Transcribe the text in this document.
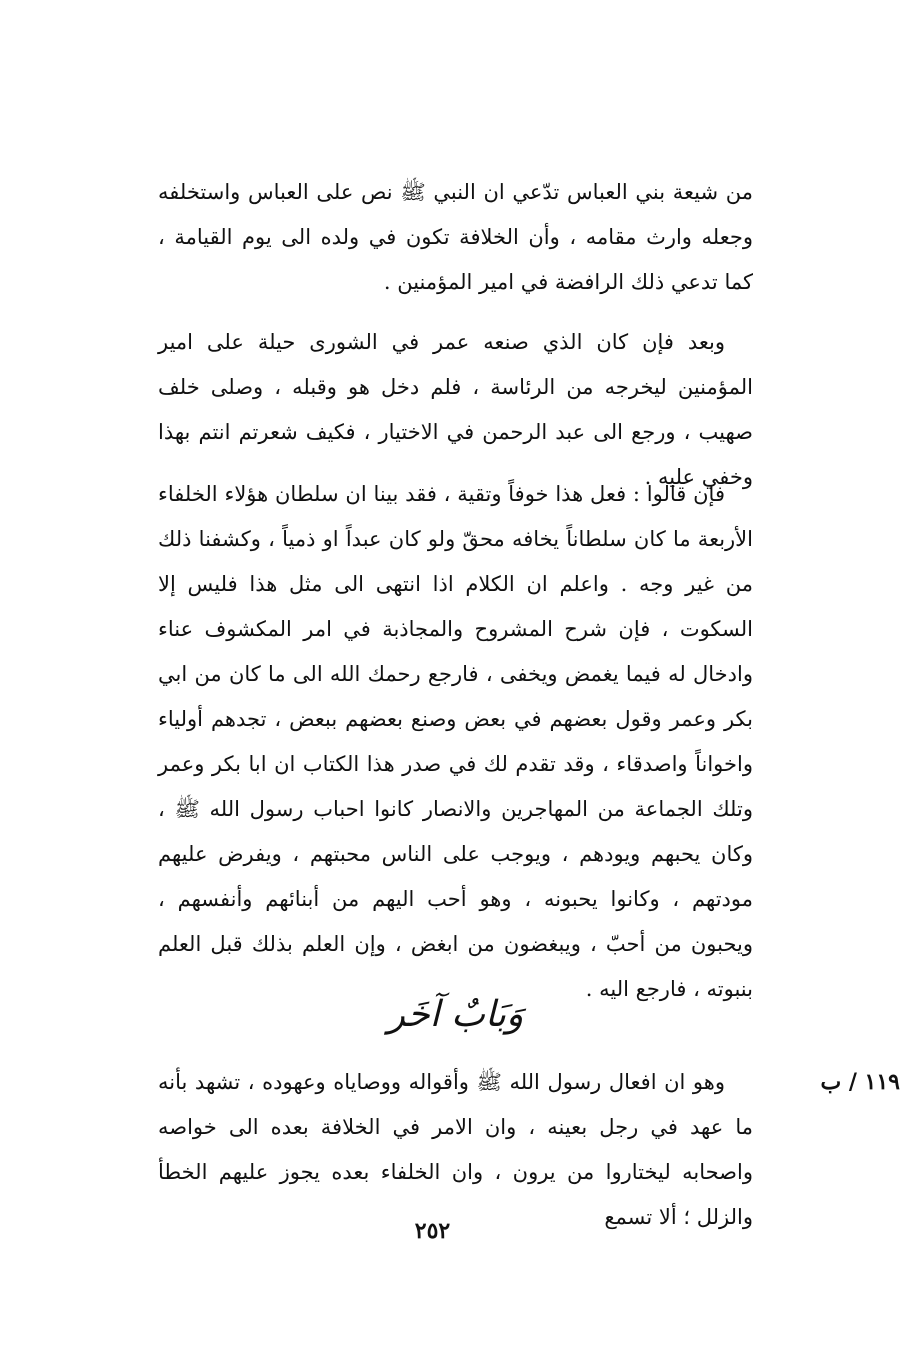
من شيعة بني العباس تدّعي ان النبي ﷺ نص على العباس واستخلفه وجعله وارث مقامه ، وأن الخلافة تكون في ولده الى يوم القيامة ، كما تدعي ذلك الرافضة في امير المؤمنين .

وبعد فإن كان الذي صنعه عمر في الشورى حيلة على امير المؤمنين ليخرجه من الرئاسة ، فلم دخل هو وقبله ، وصلى خلف صهيب ، ورجع الى عبد الرحمن في الاختيار ، فكيف شعرتم انتم بهذا وخفي عليه .

فإن قالوا : فعل هذا خوفاً وتقية ، فقد بينا ان سلطان هؤلاء الخلفاء الأربعة ما كان سلطاناً يخافه محقّ ولو كان عبداً او ذمياً ، وكشفنا ذلك من غير وجه . واعلم ان الكلام اذا انتهى الى مثل هذا فليس إلا السكوت ، فإن شرح المشروح والمجاذبة في امر المكشوف عناء وادخال له فيما يغمض ويخفى ، فارجع رحمك الله الى ما كان من ابي بكر وعمر وقول بعضهم في بعض وصنع بعضهم ببعض ، تجدهم أولياء واخواناً واصدقاء ، وقد تقدم لك في صدر هذا الكتاب ان ابا بكر وعمر وتلك الجماعة من المهاجرين والانصار كانوا احباب رسول الله ﷺ ، وكان يحبهم ويودهم ، ويوجب على الناس محبتهم ، ويفرض عليهم مودتهم ، وكانوا يحبونه ، وهو أحب اليهم من أبنائهم وأنفسهم ، ويحبون من أحبّ ، ويبغضون من ابغض ، وإن العلم بذلك قبل العلم بنبوته ، فارجع اليه .

وَبَابٌ آخَر
١١٩ / ب

وهو ان افعال رسول الله ﷺ وأقواله ووصاياه وعهوده ، تشهد بأنه ما عهد في رجل بعينه ، وان الامر في الخلافة بعده الى خواصه واصحابه ليختاروا من يرون ، وان الخلفاء بعده يجوز عليهم الخطأ والزلل ؛ ألا تسمع

٢٥٢
